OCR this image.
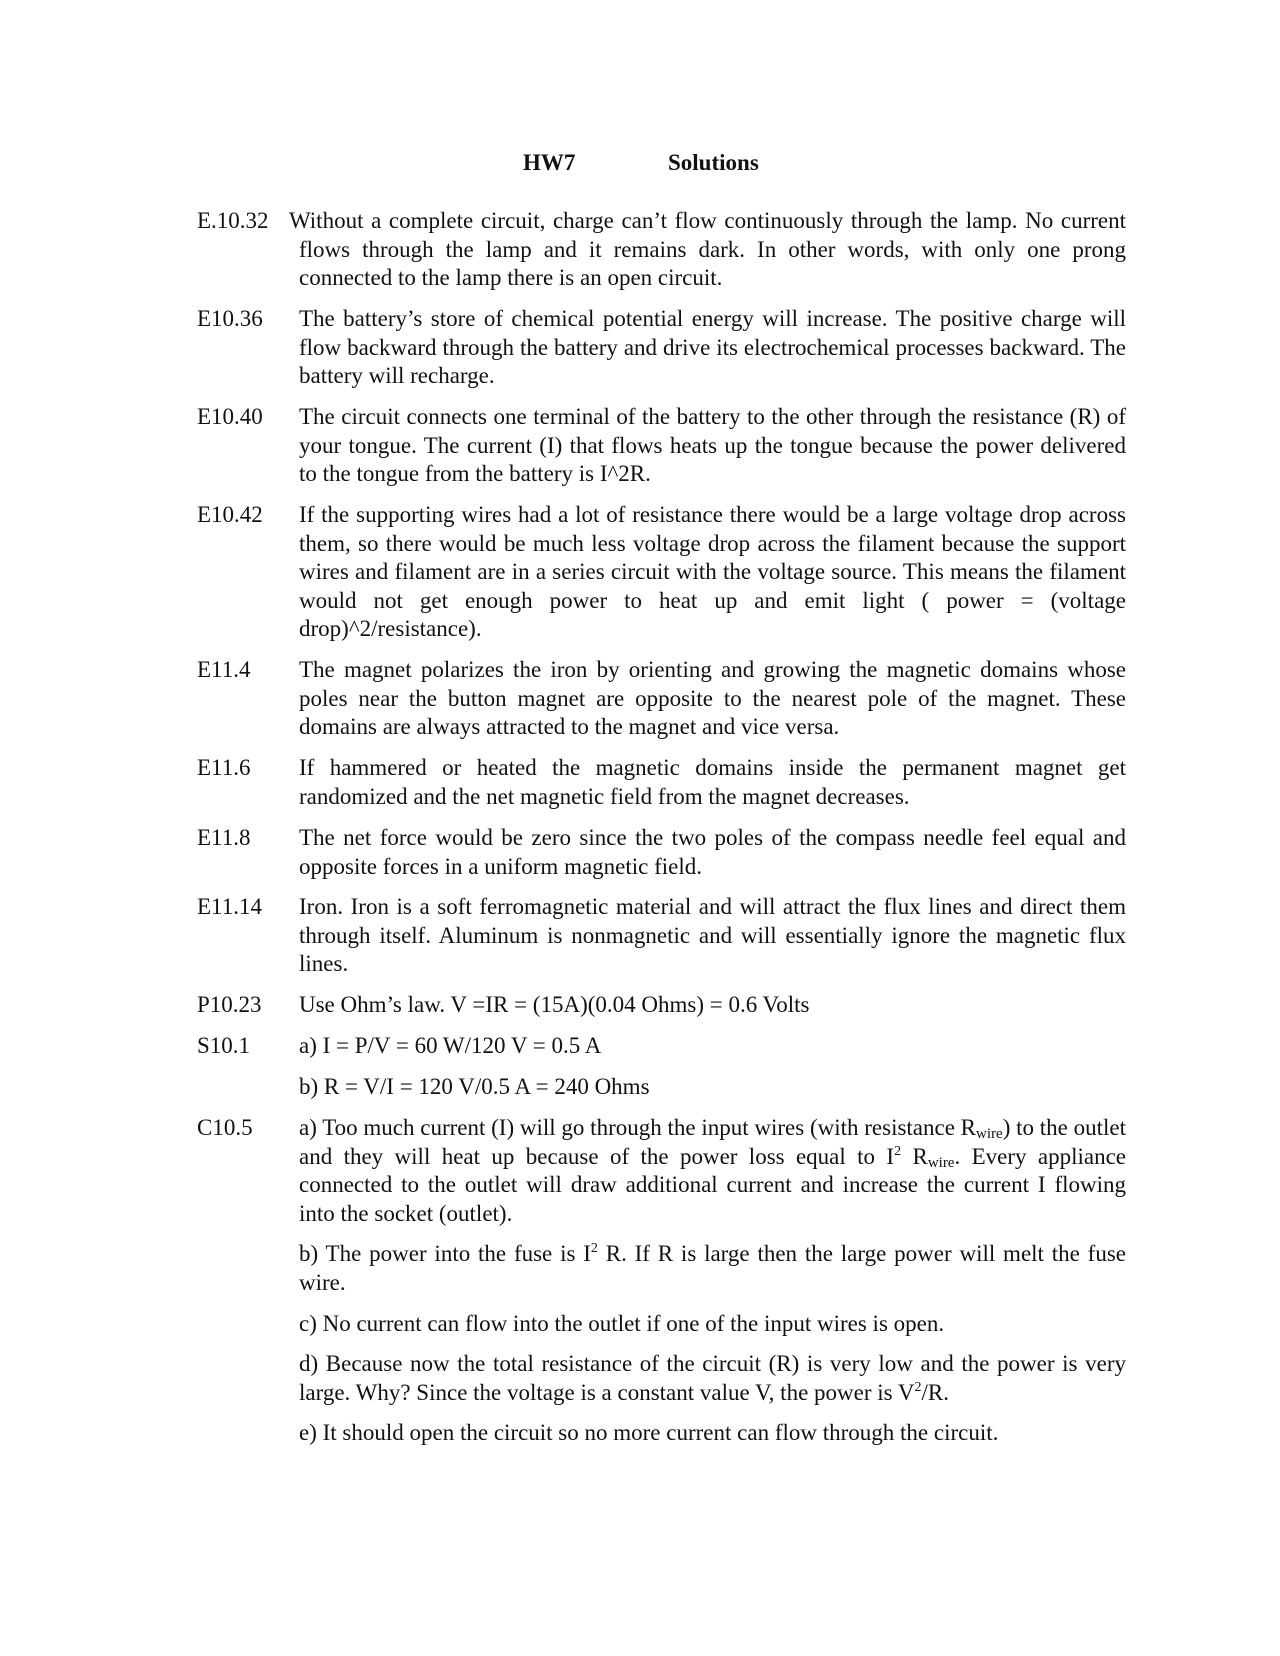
HW7	Solutions
E.10.32 Without a complete circuit, charge can’t flow continuously through the lamp. No current flows through the lamp and it remains dark. In other words, with only one prong connected to the lamp there is an open circuit.

E10.36 The battery’s store of chemical potential energy will increase. The positive charge will flow backward through the battery and drive its electrochemical processes backward. The battery will recharge.

E10.40 The circuit connects one terminal of the battery to the other through the resistance (R) of your tongue. The current (I) that flows heats up the tongue because the power delivered to the tongue from the battery is I^2R.

E10.42 If the supporting wires had a lot of resistance there would be a large voltage drop across them, so there would be much less voltage drop across the filament because the support wires and filament are in a series circuit with the voltage source. This means the filament would not get enough power to heat up and emit light ( power = (voltage drop)^2/resistance).

E11.4 The magnet polarizes the iron by orienting and growing the magnetic domains whose poles near the button magnet are opposite to the nearest pole of the magnet. These domains are always attracted to the magnet and vice versa.

E11.6 If hammered or heated the magnetic domains inside the permanent magnet get randomized and the net magnetic field from the magnet decreases.

E11.8 The net force would be zero since the two poles of the compass needle feel equal and opposite forces in a uniform magnetic field.

E11.14 Iron. Iron is a soft ferromagnetic material and will attract the flux lines and direct them through itself. Aluminum is nonmagnetic and will essentially ignore the magnetic flux lines.

P10.23 Use Ohm’s law. V =IR = (15A)(0.04 Ohms) = 0.6 Volts

S10.1 a) I = P/V = 60 W/120 V = 0.5 A

b) R = V/I = 120 V/0.5 A = 240 Ohms

C10.5 a) Too much current (I) will go through the input wires (with resistance $R_{wire}$) to the outlet and they will heat up because of the power loss equal to $I^2$ $R_{wire}$. Every appliance connected to the outlet will draw additional current and increase the current I flowing into the socket (outlet).

b) The power into the fuse is $I^2$ R. If R is large then the large power will melt the fuse wire.

c) No current can flow into the outlet if one of the input wires is open.

d) Because now the total resistance of the circuit (R) is very low and the power is very large. Why? Since the voltage is a constant value V, the power is $V^2/R$.

e) It should open the circuit so no more current can flow through the circuit.
